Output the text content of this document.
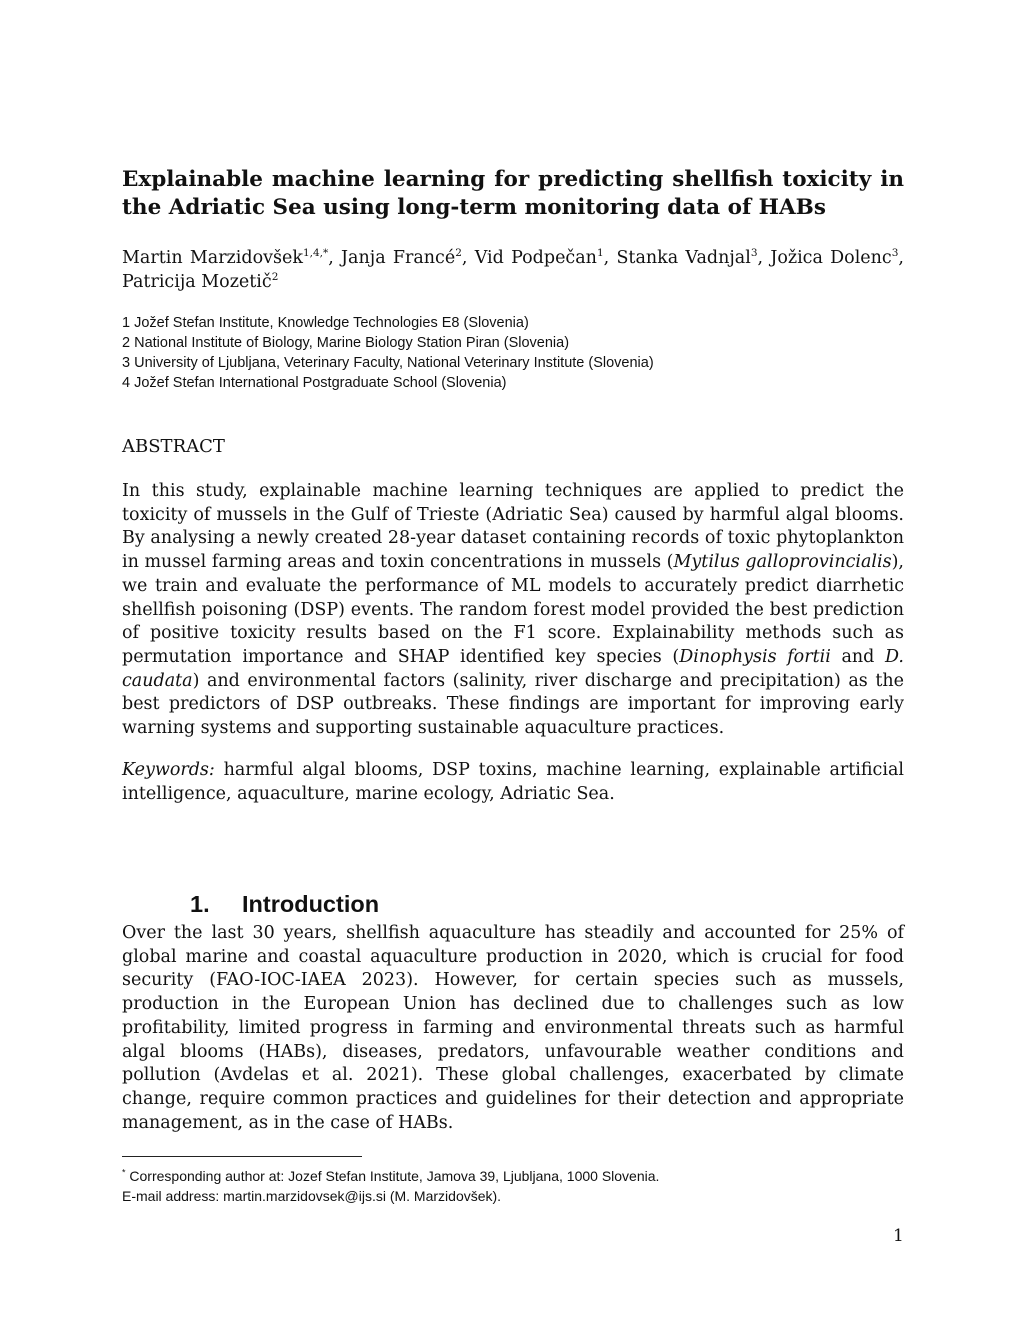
Explainable machine learning for predicting shellfish toxicity in the Adriatic Sea using long-term monitoring data of HABs
Martin Marzidovšek$^{1,4,*}$, Janja Francé$^2$, Vid Podpečan$^1$, Stanka Vadnjal$^3$, Jožica Dolenc$^3$, Patricija Mozetič$^2$
1 Jožef Stefan Institute, Knowledge Technologies E8 (Slovenia)
2 National Institute of Biology, Marine Biology Station Piran (Slovenia)
3 University of Ljubljana, Veterinary Faculty, National Veterinary Institute (Slovenia)
4 Jožef Stefan International Postgraduate School (Slovenia)
ABSTRACT

In this study, explainable machine learning techniques are applied to predict the toxicity of mussels in the Gulf of Trieste (Adriatic Sea) caused by harmful algal blooms. By analysing a newly created 28-year dataset containing records of toxic phytoplankton in mussel farming areas and toxin concentrations in mussels (Mytilus galloprovincialis), we train and evaluate the performance of ML models to accurately predict diarrhetic shellfish poisoning (DSP) events. The random forest model provided the best prediction of positive toxicity results based on the F1 score. Explainability methods such as permutation importance and SHAP identified key species (Dinophysis fortii and D. caudata) and environmental factors (salinity, river discharge and precipitation) as the best predictors of DSP outbreaks. These findings are important for improving early warning systems and supporting sustainable aquaculture practices.

Keywords: harmful algal blooms, DSP toxins, machine learning, explainable artificial intelligence, aquaculture, marine ecology, Adriatic Sea.

1. Introduction

Over the last 30 years, shellfish aquaculture has steadily and accounted for 25% of global marine and coastal aquaculture production in 2020, which is crucial for food security (FAO-IOC-IAEA 2023). However, for certain species such as mussels, production in the European Union has declined due to challenges such as low profitability, limited progress in farming and environmental threats such as harmful algal blooms (HABs), diseases, predators, unfavourable weather conditions and pollution (Avdelas et al. 2021). These global challenges, exacerbated by climate change, require common practices and guidelines for their detection and appropriate management, as in the case of HABs.

* Corresponding author at: Jozef Stefan Institute, Jamova 39, Ljubljana, 1000 Slovenia.
E-mail address: martin.marzidovsek@ijs.si (M. Marzidovšek).
1
